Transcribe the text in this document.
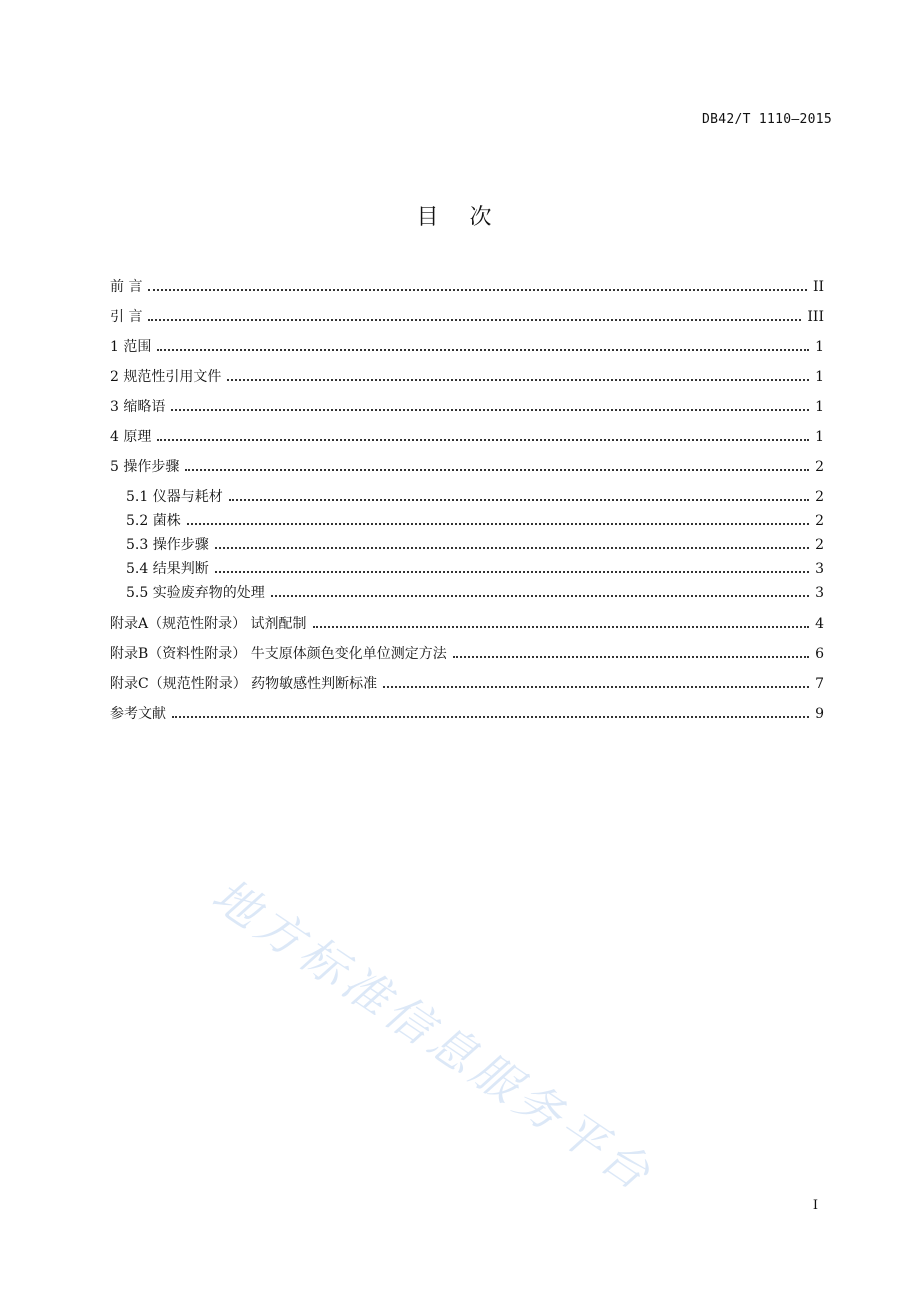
DB42/T 1110—2015
目 次
前 言	II
引 言	III
1 范围	1
2 规范性引用文件	1
3 缩略语	1
4 原理	1
5 操作步骤	2
5.1 仪器与耗材	2
5.2 菌株	2
5.3 操作步骤	2
5.4 结果判断	3
5.5 实验废弃物的处理	3
附录A（规范性附录） 试剂配制	4
附录B（资料性附录） 牛支原体颜色变化单位测定方法	6
附录C（规范性附录） 药物敏感性判断标准	7
参考文献	9
地方标准信息服务平台
I
